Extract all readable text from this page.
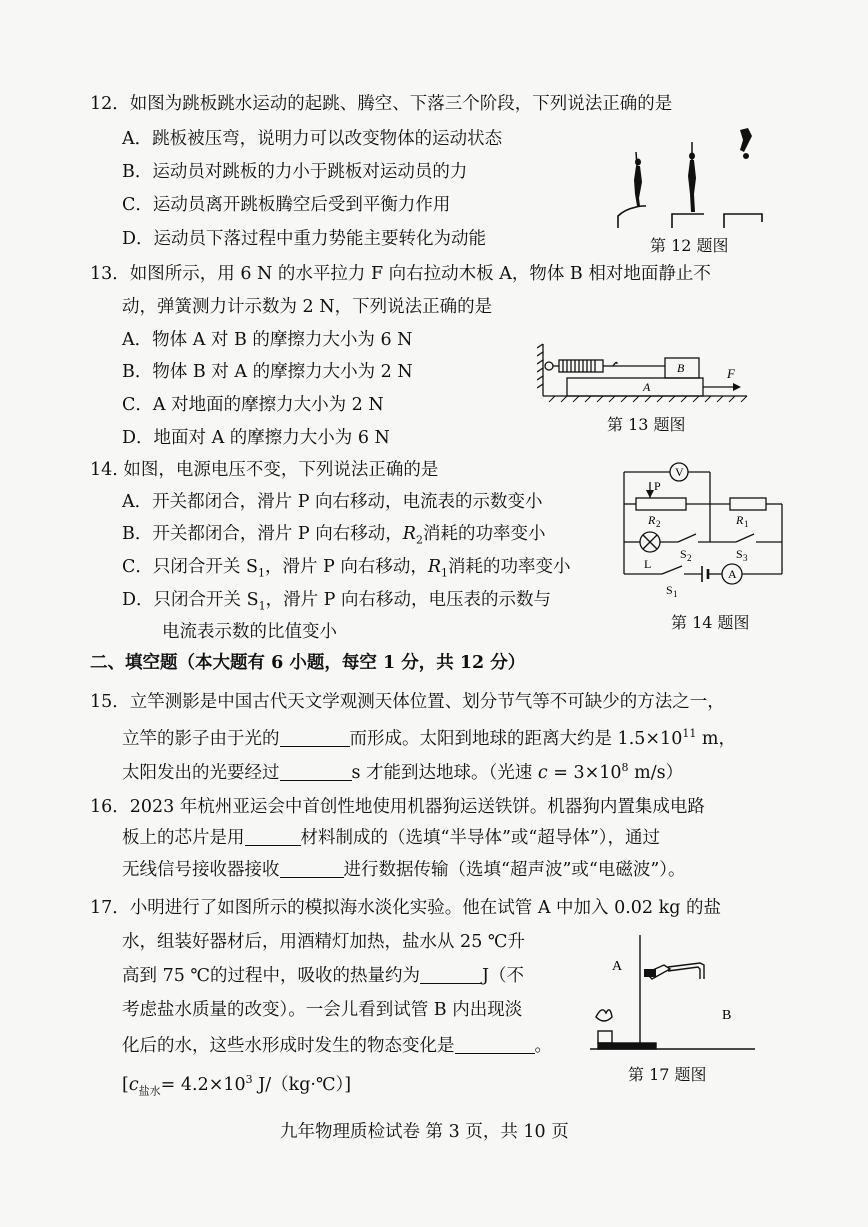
12．如图为跳板跳水运动的起跳、腾空、下落三个阶段，下列说法正确的是
A．跳板被压弯，说明力可以改变物体的运动状态
B．运动员对跳板的力小于跳板对运动员的力
C．运动员离开跳板腾空后受到平衡力作用
D．运动员下落过程中重力势能主要转化为动能	第 12 题图
13．如图所示，用 6 N 的水平拉力 F 向右拉动木板 A，物体 B 相对地面静止不
动，弹簧测力计示数为 2 N，下列说法正确的是
A．物体 A 对 B 的摩擦力大小为 6 N
B．物体 B 对 A 的摩擦力大小为 2 N
C．A 对地面的摩擦力大小为 2 N
D．地面对 A 的摩擦力大小为 6 N
B
A
F
第 13 题图
14. 如图，电源电压不变，下列说法正确的是
A．开关都闭合，滑片 P 向右移动，电流表的示数变小
B．开关都闭合，滑片 P 向右移动，$R_2$消耗的功率变小
C．只闭合开关 $S_1$，滑片 P 向右移动，$R_1$消耗的功率变小
D．只闭合开关 $S_1$，滑片 P 向右移动，电压表的示数与
电流表示数的比值变小
V
P
R 2	R 1
L
S 2	S 3
S 1
A
第 14 题图
二、填空题（本大题有 6 小题，每空 1 分，共 12 分）
15．立竿测影是中国古代天文学观测天体位置、划分节气等不可缺少的方法之一，
立竿的影子由于光的	而形成。太阳到地球的距离大约是 $1.5\times 10^{11}$ m，
太阳发出的光要经过	s 才能到达地球。（光速 $c = 3\times 10^8$ m/s）
16．2023 年杭州亚运会中首创性地使用机器狗运送铁饼。机器狗内置集成电路
板上的芯片是用	材料制成的（选填“半导体”或“超导体”），通过
无线信号接收器接收	进行数据传输（选填“超声波”或“电磁波”）。
17．小明进行了如图所示的模拟海水淡化实验。他在试管 A 中加入 0.02 kg 的盐
水，组装好器材后，用酒精灯加热，盐水从 25 ℃升
高到 75 ℃的过程中，吸收的热量约为	J（不
考虑盐水质量的改变）。一会儿看到试管 B 内出现淡
化后的水，这些水形成时发生的物态变化是	。
[$c_{盐水}= 4.2\times 10^3$ J/（kg·℃）]
A
B
第 17 题图
九年物理质检试卷 第 3 页，共 10 页
